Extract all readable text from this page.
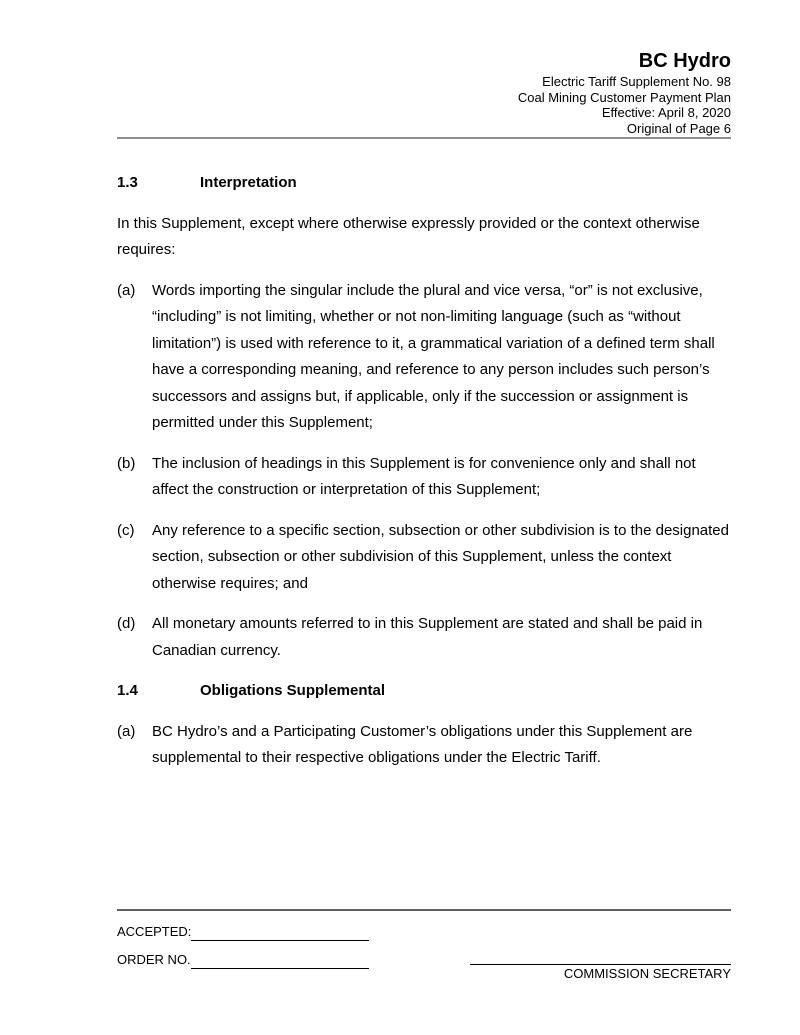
BC Hydro
Electric Tariff Supplement No. 98
Coal Mining Customer Payment Plan
Effective: April 8, 2020
Original of Page 6
1.3	Interpretation

In this Supplement, except where otherwise expressly provided or the context otherwise requires:

(a)	Words importing the singular include the plural and vice versa, “or” is not exclusive, “including” is not limiting, whether or not non-limiting language (such as “without limitation”) is used with reference to it, a grammatical variation of a defined term shall have a corresponding meaning, and reference to any person includes such person’s successors and assigns but, if applicable, only if the succession or assignment is permitted under this Supplement;
(b)	The inclusion of headings in this Supplement is for convenience only and shall not affect the construction or interpretation of this Supplement;
(c)	Any reference to a specific section, subsection or other subdivision is to the designated section, subsection or other subdivision of this Supplement, unless the context otherwise requires; and
(d)	All monetary amounts referred to in this Supplement are stated and shall be paid in Canadian currency.
1.4	Obligations Supplemental
(a)	BC Hydro’s and a Participating Customer’s obligations under this Supplement are supplemental to their respective obligations under the Electric Tariff.
ACCEPTED:
ORDER NO.
COMMISSION SECRETARY
